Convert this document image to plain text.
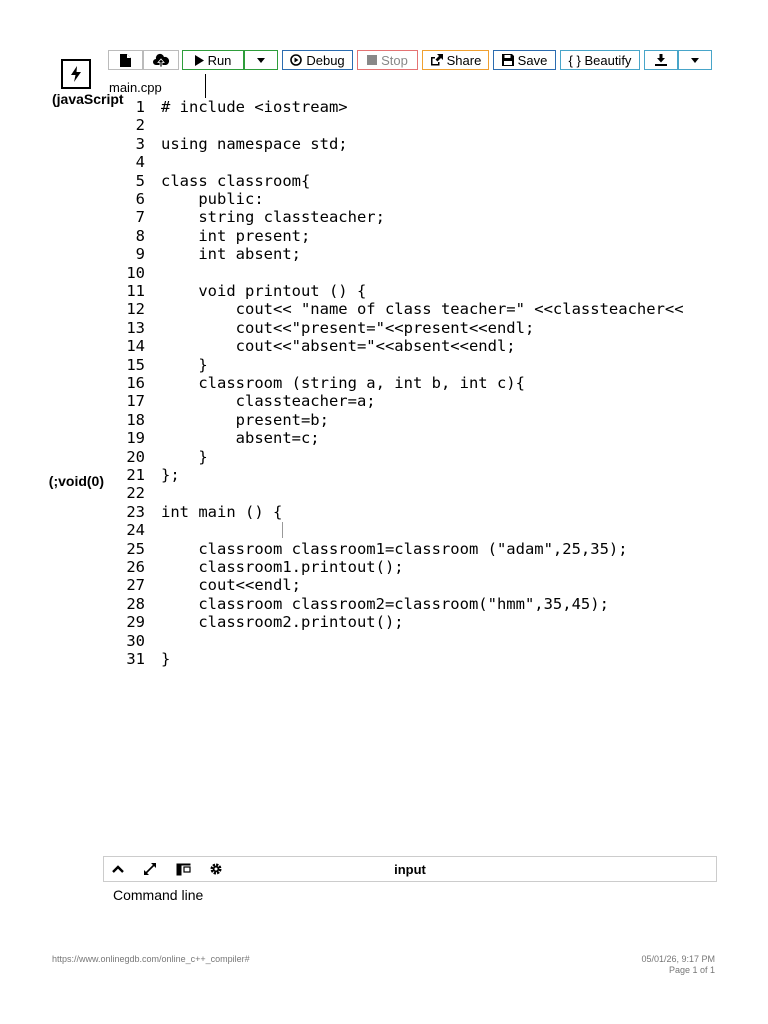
Run	Debug	Stop	Share	Save { } Beautify
(javaScript
void(0);)
main.cpp
1 # include <iostream>
2
3 using namespace std;
4
5 class classroom{
6 public:
7 string classteacher;
8 int present;
9 int absent;
10
11 void printout () {
12 cout<< "name of class teacher=" <<classteacher<<
13 cout<<"present="<<present<<endl;
14 cout<<"absent="<<absent<<endl;
15 }
16 classroom (string a, int b, int c){
17 classteacher=a;
18 present=b;
19 absent=c;
20 }
21 };
22
23 int main () {
24
25 classroom classroom1=classroom ("adam",25,35);
26 classroom1.printout();
27 cout<<endl;
28 classroom classroom2=classroom("hmm",35,45);
29 classroom2.printout();
30
31 }
input
Command line
https://www.onlinegdb.com/online_c++_compiler#	05/01/26, 9:17 PM
Page 1 of 1
